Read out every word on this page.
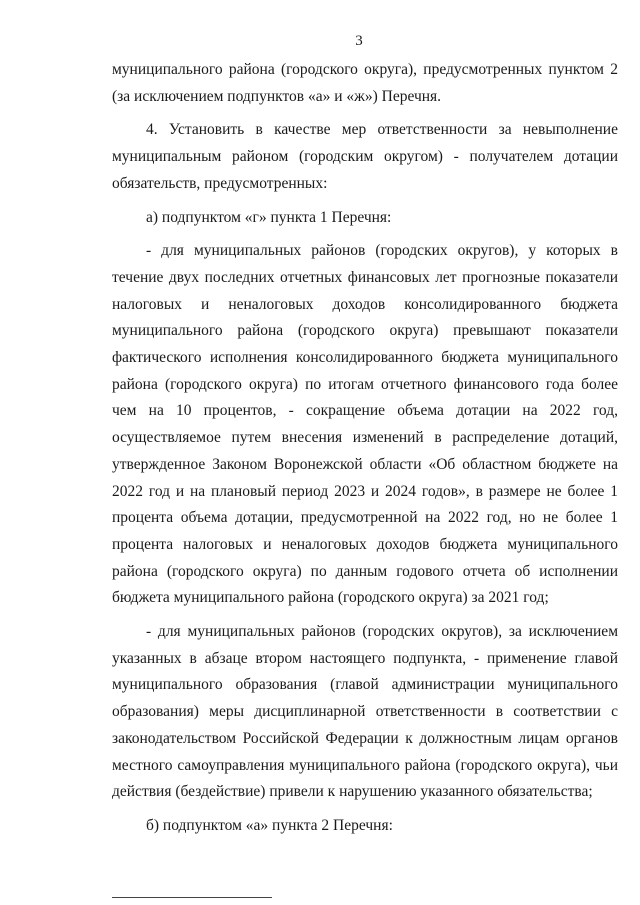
3

муниципального района (городского округа), предусмотренных пунктом 2 (за исключением подпунктов «а» и «ж») Перечня.

4. Установить в качестве мер ответственности за невыполнение муниципальным районом (городским округом) - получателем дотации обязательств, предусмотренных:

а) подпунктом «г» пункта 1 Перечня:

- для муниципальных районов (городских округов), у которых в течение двух последних отчетных финансовых лет прогнозные показатели налоговых и неналоговых доходов консолидированного бюджета муниципального района (городского округа) превышают показатели фактического исполнения консолидированного бюджета муниципального района (городского округа) по итогам отчетного финансового года более чем на 10 процентов, - сокращение объема дотации на 2022 год, осуществляемое путем внесения изменений в распределение дотаций, утвержденное Законом Воронежской области «Об областном бюджете на 2022 год и на плановый период 2023 и 2024 годов», в размере не более 1 процента объема дотации, предусмотренной на 2022 год, но не более 1 процента налоговых и неналоговых доходов бюджета муниципального района (городского округа) по данным годового отчета об исполнении бюджета муниципального района (городского округа) за 2021 год;

- для муниципальных районов (городских округов), за исключением указанных в абзаце втором настоящего подпункта, - применение главой муниципального образования (главой администрации муниципального образования) меры дисциплинарной ответственности в соответствии с законодательством Российской Федерации к должностным лицам органов местного самоуправления муниципального района (городского округа), чьи действия (бездействие) привели к нарушению указанного обязательства;

б) подпунктом «а» пункта 2 Перечня:
